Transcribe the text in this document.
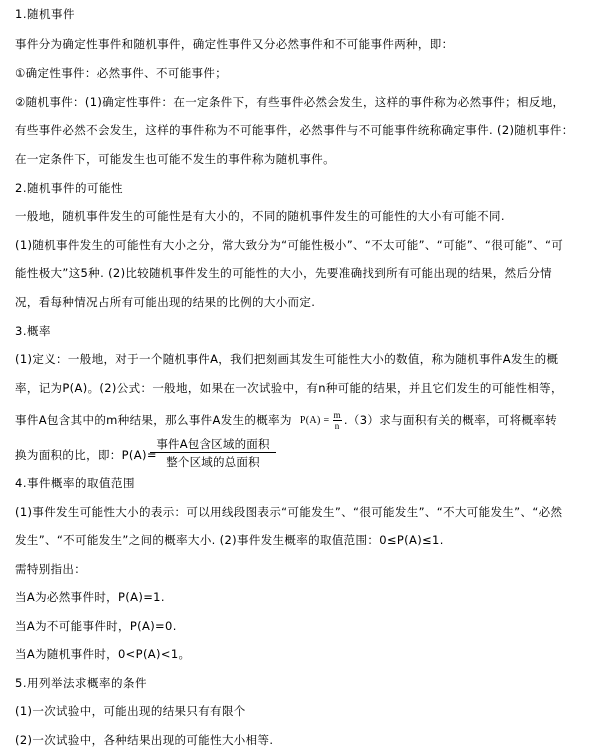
1.随机事件
事件分为确定性事件和随机事件，确定性事件又分必然事件和不可能事件两种，即：
①确定性事件：必然事件、不可能事件；
②随机事件：(1)确定性事件：在一定条件下，有些事件必然会发生，这样的事件称为必然事件；相反地，
有些事件必然不会发生，这样的事件称为不可能事件，必然事件与不可能事件统称确定事件. (2)随机事件：
在一定条件下，可能发生也可能不发生的事件称为随机事件。
2.随机事件的可能性
一般地，随机事件发生的可能性是有大小的，不同的随机事件发生的可能性的大小有可能不同.
(1)随机事件发生的可能性有大小之分，常大致分为“可能性极小”、“不太可能”、“可能”、“很可能”、“可
能性极大”这5种. (2)比较随机事件发生的可能性的大小，先要准确找到所有可能出现的结果，然后分情
况，看每种情况占所有可能出现的结果的比例的大小而定.
3.概率
(1)定义：一般地，对于一个随机事件A，我们把刻画其发生可能性大小的数值，称为随机事件A发生的概
率，记为P(A)。(2)公式：一般地，如果在一次试验中，有n种可能的结果，并且它们发生的可能性相等，
事件A包含其中的m种结果，那么事件A发生的概率为 $P(A) = \frac{m}{n} .(3)$求与面积有关的概率，可将概率转
事件A包含区域的面积
整个区域的总面积
换为面积的比，即：P(A)=
4.事件概率的取值范围
(1)事件发生可能性大小的表示：可以用线段图表示“可能发生”、“很可能发生”、“不大可能发生”、“必然
发生”、“不可能发生”之间的概率大小. (2)事件发生概率的取值范围：0≤P(A)≤1.
需特别指出：
当A为必然事件时，P(A)=1.
当A为不可能事件时，P(A)=0.
当A为随机事件时，0<P(A)<1。
5.用列举法求概率的条件
(1)一次试验中，可能出现的结果只有有限个
(2)一次试验中，各种结果出现的可能性大小相等.
